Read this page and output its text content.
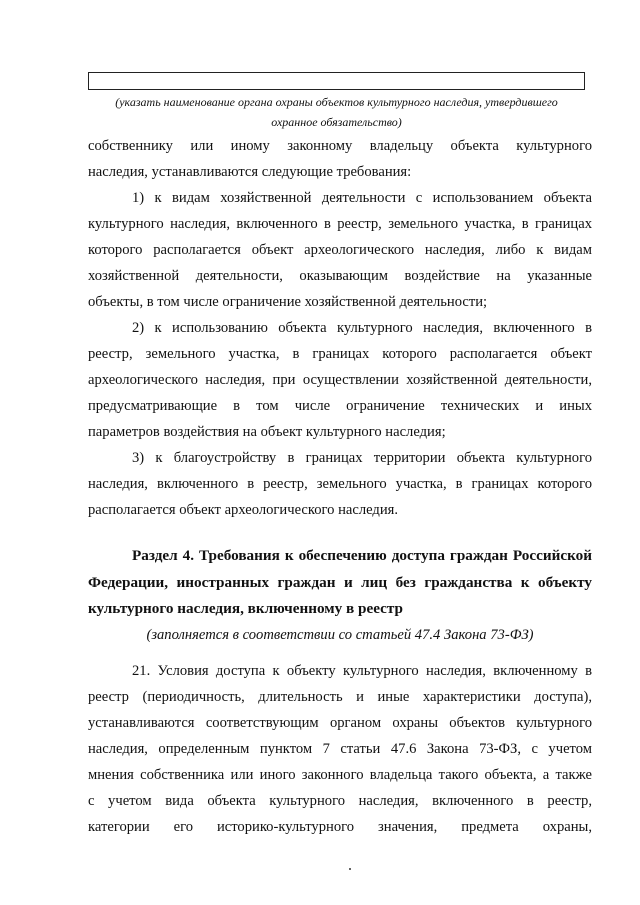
(указать наименование органа охраны объектов культурного наследия, утвердившего
охранное обязательство)
собственнику или иному законному владельцу объекта культурного
наследия, устанавливаются следующие требования:
1) к видам хозяйственной деятельности с использованием объекта
культурного наследия, включенного в реестр, земельного участка, в границах
которого располагается объект археологического наследия, либо к видам
хозяйственной деятельности, оказывающим воздействие на указанные
объекты, в том числе ограничение хозяйственной деятельности;
2) к использованию объекта культурного наследия, включенного в
реестр, земельного участка, в границах которого располагается объект
археологического наследия, при осуществлении хозяйственной деятельности,
предусматривающие в том числе ограничение технических и иных
параметров воздействия на объект культурного наследия;
3) к благоустройству в границах территории объекта культурного
наследия, включенного в реестр, земельного участка, в границах которого
располагается объект археологического наследия.
Раздел 4. Требования к обеспечению доступа граждан Российской
Федерации, иностранных граждан и лиц без гражданства к объекту
культурного наследия, включенному в реестр
(заполняется в соответствии со статьей 47.4 Закона 73-ФЗ)
21. Условия доступа к объекту культурного наследия, включенному в
реестр (периодичность, длительность и иные характеристики доступа),
устанавливаются соответствующим органом охраны объектов культурного
наследия, определенным пунктом 7 статьи 47.6 Закона 73-ФЗ, с учетом
мнения собственника или иного законного владельца такого объекта, а также
с учетом вида объекта культурного наследия, включенного в реестр,
категории его историко-культурного значения, предмета охраны,
